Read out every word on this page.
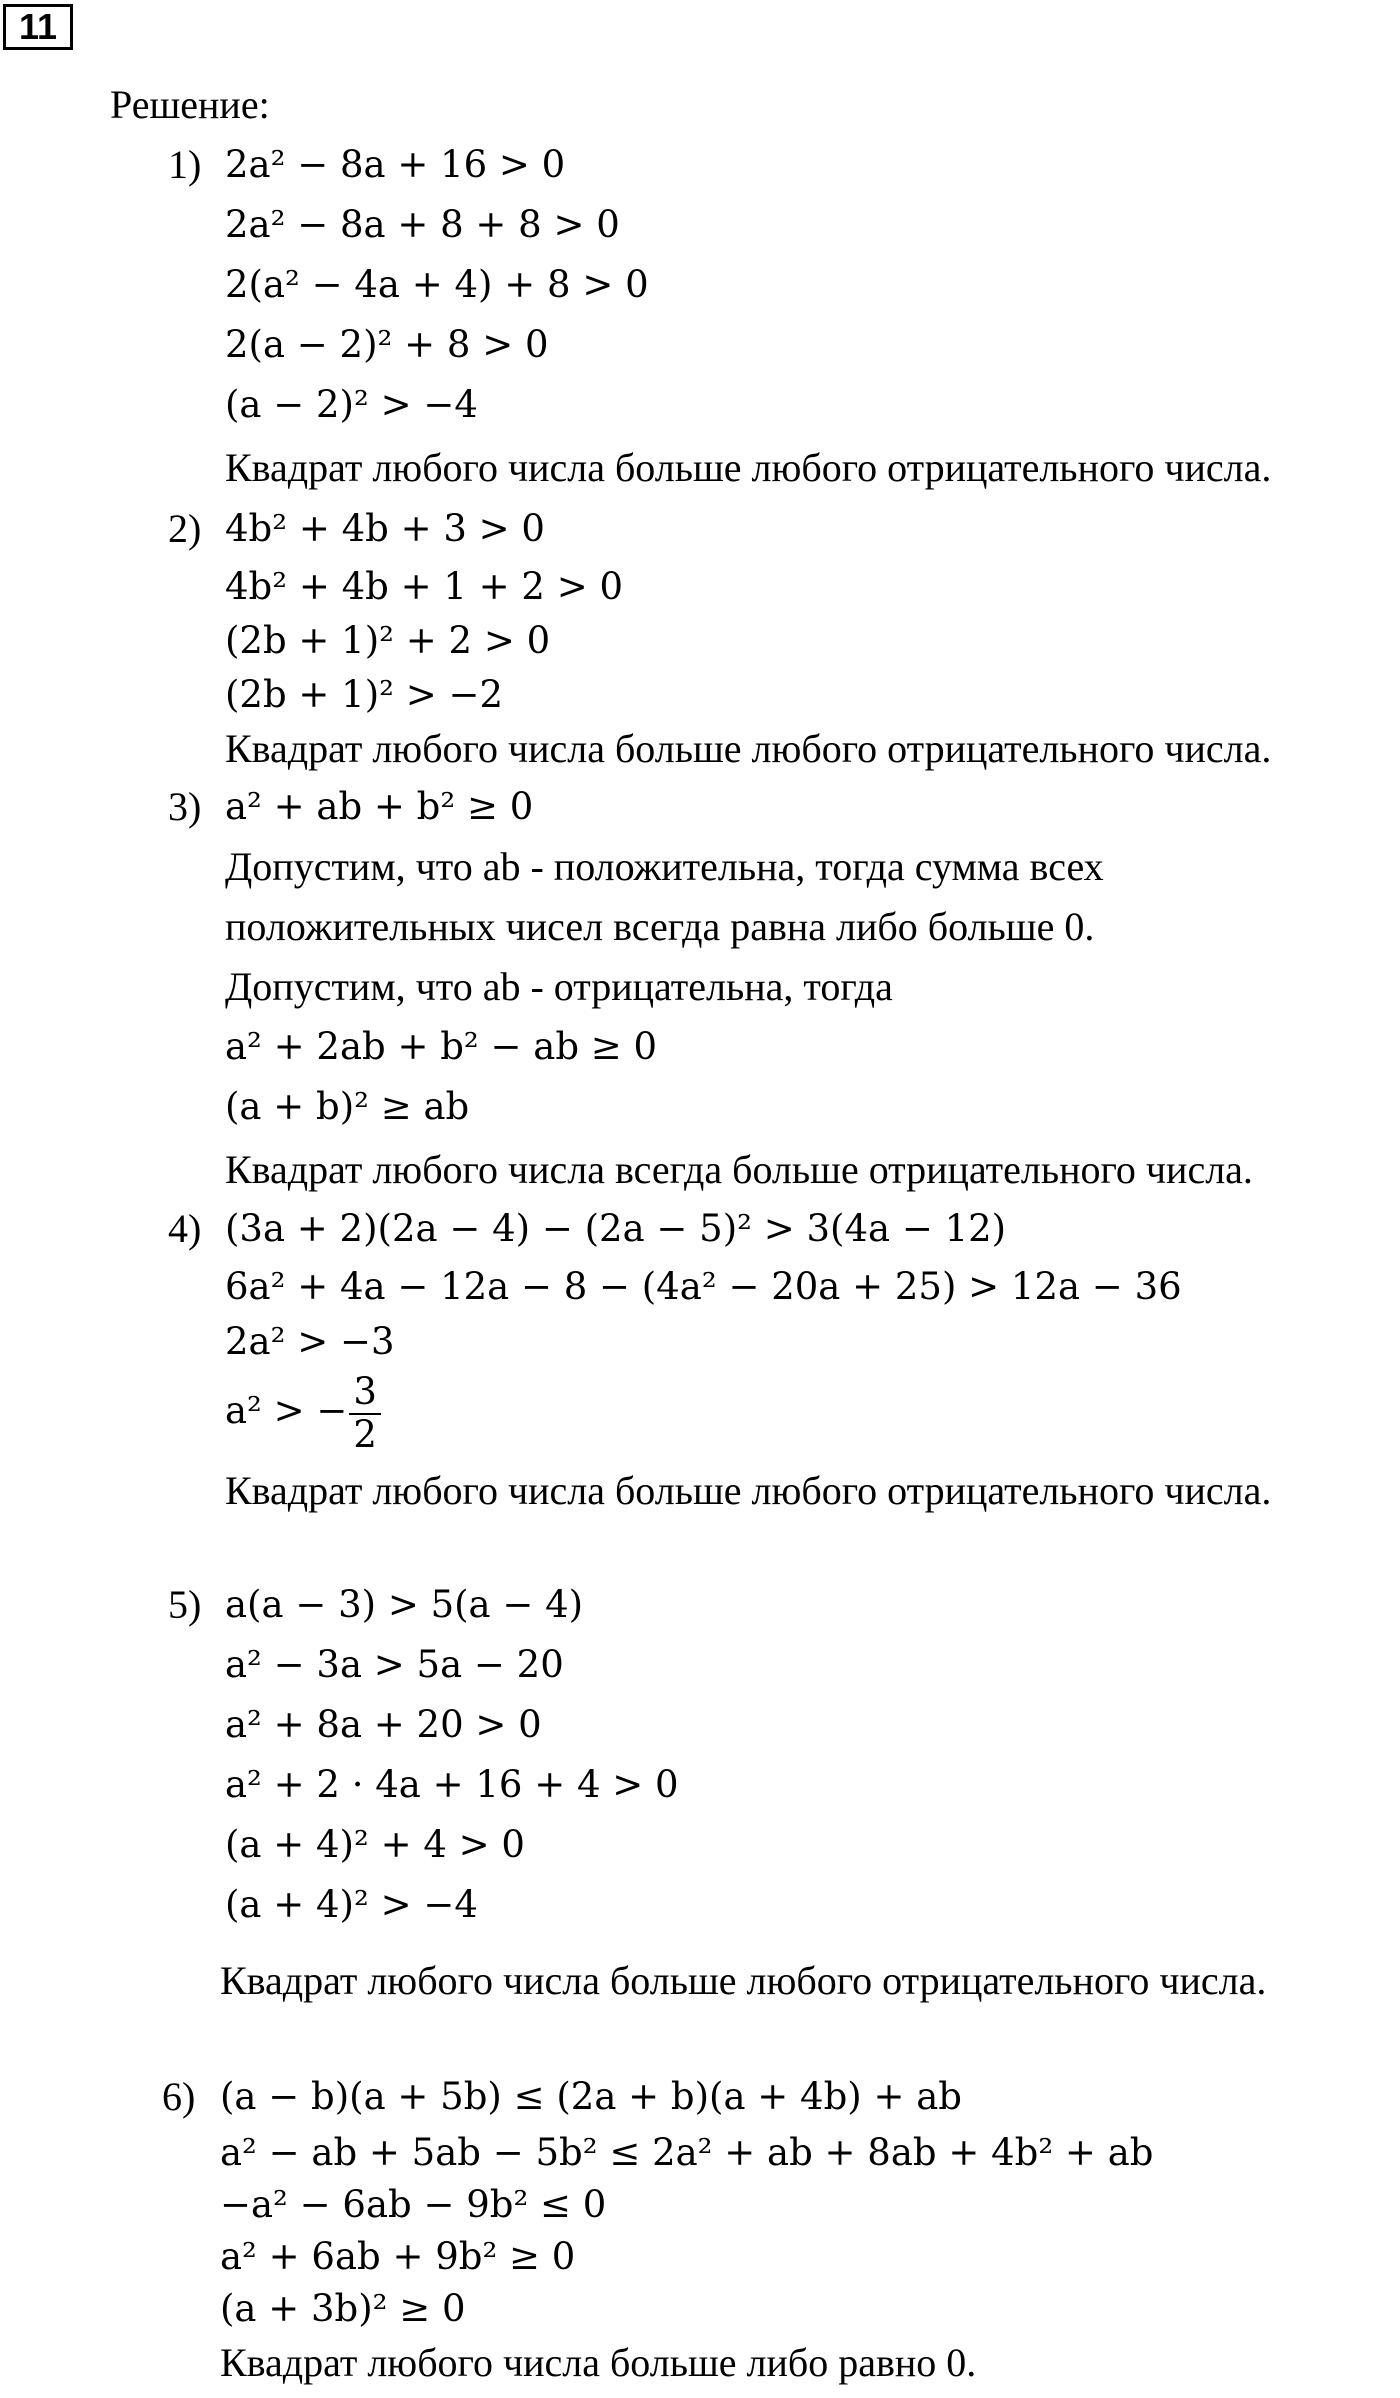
11
Решение:
1) 2a² − 8a + 16 > 0
2a² − 8a + 8 + 8 > 0
2(a² − 4a + 4) + 8 > 0
2(a − 2)² + 8 > 0
(a − 2)² > −4
Квадрат любого числа больше любого отрицательного числа.
2) 4b² + 4b + 3 > 0
4b² + 4b + 1 + 2 > 0
(2b + 1)² + 2 > 0
(2b + 1)² > −2
Квадрат любого числа больше любого отрицательного числа.
3) a² + ab + b² ≥ 0
Допустим, что ab - положительна, тогда сумма всех
положительных чисел всегда равна либо больше 0.
Допустим, что ab - отрицательна, тогда
a² + 2ab + b² − ab ≥ 0
(a + b)² ≥ ab
Квадрат любого числа всегда больше отрицательного числа.
4) (3a + 2)(2a − 4) − (2a − 5)² > 3(4a − 12)
6a² + 4a − 12a − 8 − (4a² − 20a + 25) > 12a − 36
2a² > −3
a² > − $\frac{3}{2}$
Квадрат любого числа больше любого отрицательного числа.
5) a(a − 3) > 5(a − 4)
a² − 3a > 5a − 20
a² + 8a + 20 > 0
a² + 2 · 4a + 16 + 4 > 0
(a + 4)² + 4 > 0
(a + 4)² > −4
Квадрат любого числа больше любого отрицательного числа.
6) (a − b)(a + 5b) ≤ (2a + b)(a + 4b) + ab
a² − ab + 5ab − 5b² ≤ 2a² + ab + 8ab + 4b² + ab
−a² − 6ab − 9b² ≤ 0
a² + 6ab + 9b² ≥ 0
(a + 3b)² ≥ 0
Квадрат любого числа больше либо равно 0.
